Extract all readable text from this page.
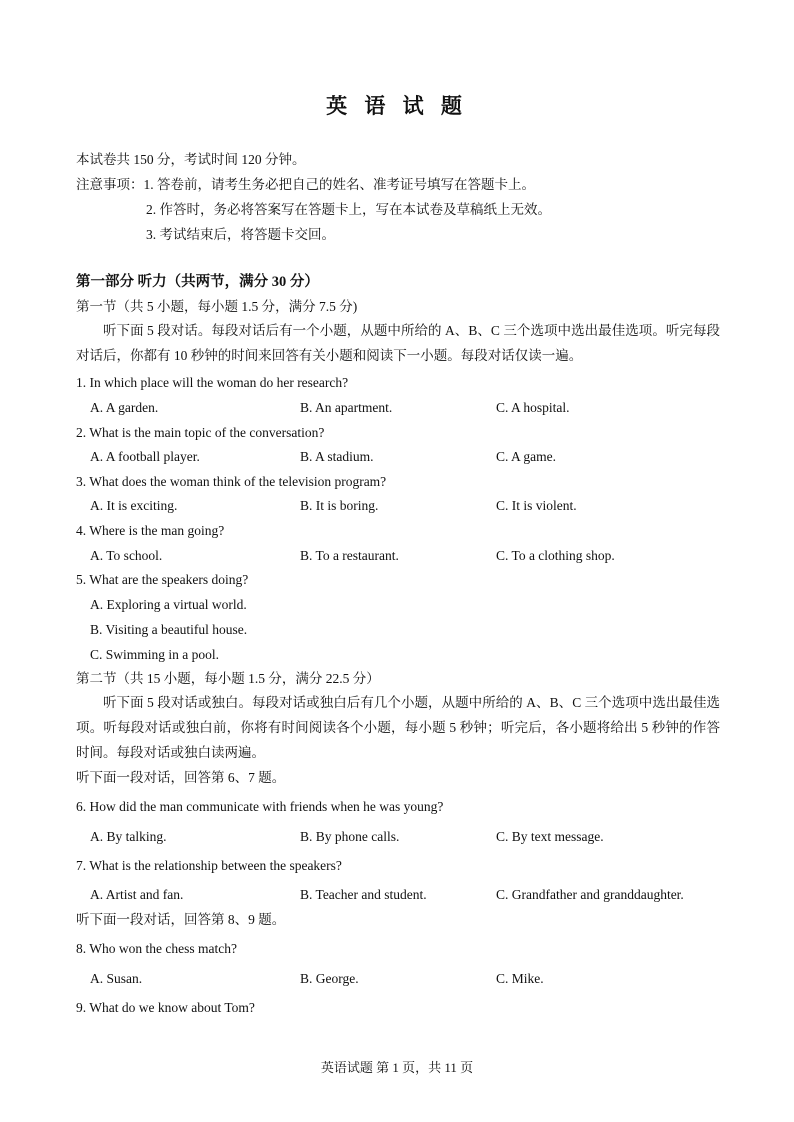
英 语 试 题
本试卷共 150 分，考试时间 120 分钟。
注意事项：1. 答卷前，请考生务必把自己的姓名、准考证号填写在答题卡上。
2. 作答时，务必将答案写在答题卡上，写在本试卷及草稿纸上无效。
3. 考试结束后，将答题卡交回。
第一部分 听力（共两节，满分 30 分）
第一节（共 5 小题，每小题 1.5 分，满分 7.5 分)
听下面 5 段对话。每段对话后有一个小题，从题中所给的 A、B、C 三个选项中选出最佳选项。听完每段对话后，你都有 10 秒钟的时间来回答有关小题和阅读下一小题。每段对话仅读一遍。
1. In which place will the woman do her research?
A. A garden.	B. An apartment.	C. A hospital.
2. What is the main topic of the conversation?
A. A football player.	B. A stadium.	C. A game.
3. What does the woman think of the television program?
A. It is exciting.	B. It is boring.	C. It is violent.
4. Where is the man going?
A. To school.	B. To a restaurant.	C. To a clothing shop.
5. What are the speakers doing?
A. Exploring a virtual world.
B. Visiting a beautiful house.
C. Swimming in a pool.
第二节（共 15 小题，每小题 1.5 分，满分 22.5 分）
听下面 5 段对话或独白。每段对话或独白后有几个小题，从题中所给的 A、B、C 三个选项中选出最佳选项。听每段对话或独白前，你将有时间阅读各个小题，每小题 5 秒钟；听完后，各小题将给出 5 秒钟的作答时间。每段对话或独白读两遍。
听下面一段对话，回答第 6、7 题。
6. How did the man communicate with friends when he was young?
A. By talking.	B. By phone calls.	C. By text message.
7. What is the relationship between the speakers?
A. Artist and fan.	B. Teacher and student.	C. Grandfather and granddaughter.
听下面一段对话，回答第 8、9 题。
8. Who won the chess match?
A. Susan.	B. George.	C. Mike.
9. What do we know about Tom?
英语试题 第 1 页，共 11 页
